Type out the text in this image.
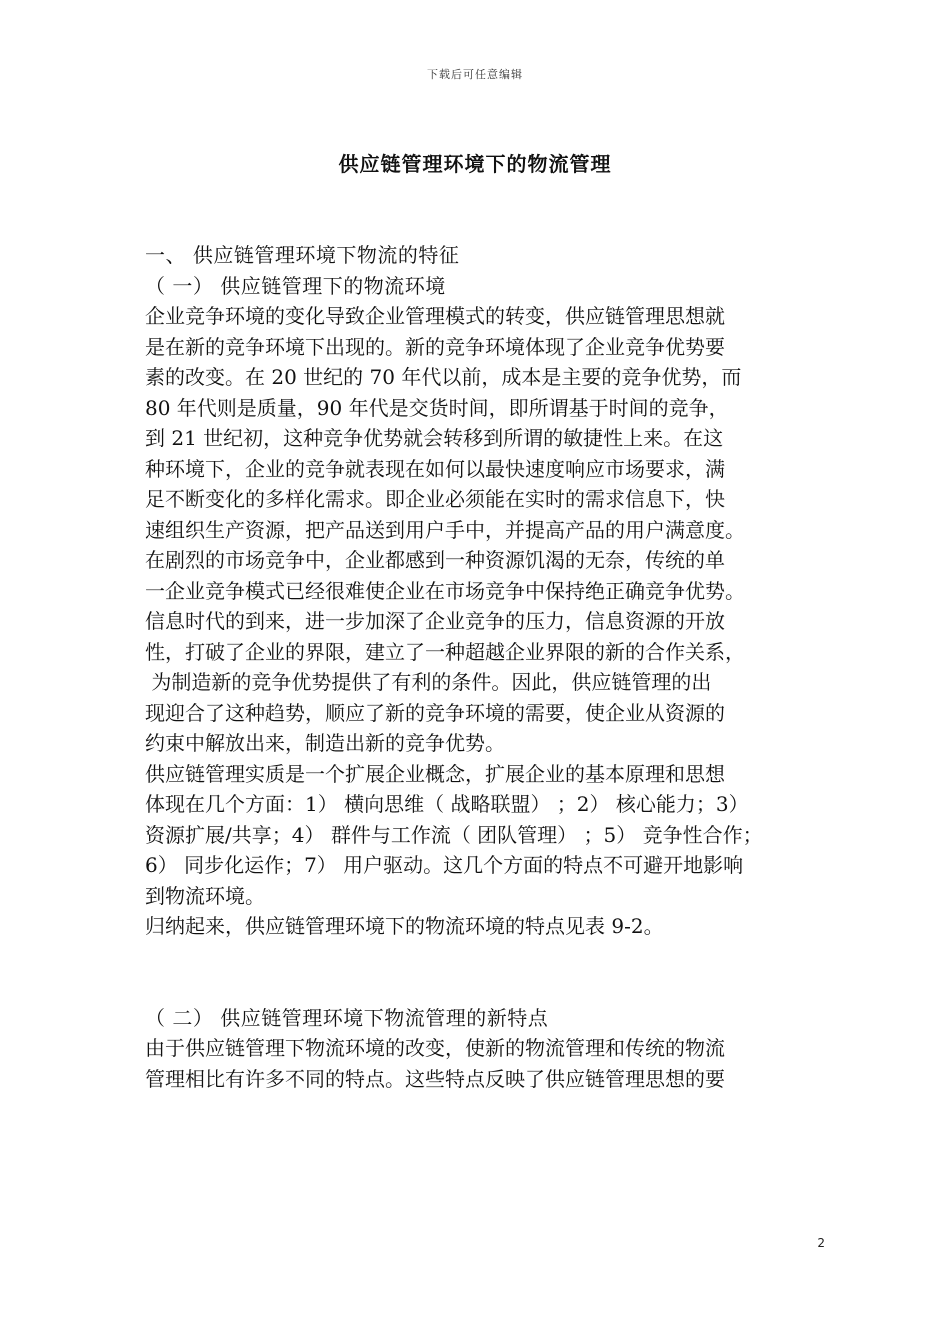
下载后可任意编辑
供应链管理环境下的物流管理
一、 供应链管理环境下物流的特征
（ 一） 供应链管理下的物流环境
企业竞争环境的变化导致企业管理模式的转变，供应链管理思想就
是在新的竞争环境下出现的。新的竞争环境体现了企业竞争优势要
素的改变。在 20 世纪的 70 年代以前，成本是主要的竞争优势，而
80 年代则是质量，90 年代是交货时间，即所谓基于时间的竞争，
到 21 世纪初，这种竞争优势就会转移到所谓的敏捷性上来。在这
种环境下，企业的竞争就表现在如何以最快速度响应市场要求，满
足不断变化的多样化需求。即企业必须能在实时的需求信息下，快
速组织生产资源，把产品送到用户手中，并提高产品的用户满意度。
在剧烈的市场竞争中，企业都感到一种资源饥渴的无奈，传统的单
一企业竞争模式已经很难使企业在市场竞争中保持绝正确竞争优势。
信息时代的到来，进一步加深了企业竞争的压力，信息资源的开放
性，打破了企业的界限，建立了一种超越企业界限的新的合作关系，
为制造新的竞争优势提供了有利的条件。因此，供应链管理的出
现迎合了这种趋势，顺应了新的竞争环境的需要，使企业从资源的
约束中解放出来，制造出新的竞争优势。
供应链管理实质是一个扩展企业概念，扩展企业的基本原理和思想
体现在几个方面：1） 横向思维（ 战略联盟） ；2） 核心能力；3）
资源扩展/共享；4） 群件与工作流（ 团队管理） ；5） 竞争性合作；
6） 同步化运作；7） 用户驱动。这几个方面的特点不可避开地影响
到物流环境。
归纳起来，供应链管理环境下的物流环境的特点见表 9-2。
（ 二） 供应链管理环境下物流管理的新特点
由于供应链管理下物流环境的改变，使新的物流管理和传统的物流
管理相比有许多不同的特点。这些特点反映了供应链管理思想的要
2
